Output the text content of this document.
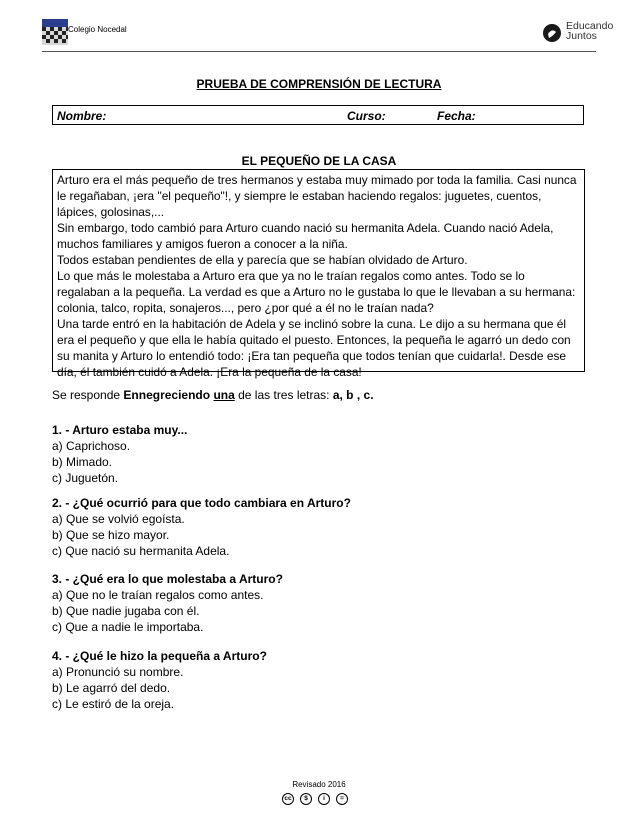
Colegio Nocedal	Educando
Juntos
PRUEBA DE COMPRENSIÓN DE LECTURA
Nombre:	Curso:	Fecha:
EL PEQUEÑO DE LA CASA

Arturo era el más pequeño de tres hermanos y estaba muy mimado por toda la familia. Casi nunca le regañaban, ¡era "el pequeño"!, y siempre le estaban haciendo regalos: juguetes, cuentos, lápices, golosinas,...

Sin embargo, todo cambió para Arturo cuando nació su hermanita Adela. Cuando nació Adela, muchos familiares y amigos fueron a conocer a la niña.

Todos estaban pendientes de ella y parecía que se habían olvidado de Arturo.

Lo que más le molestaba a Arturo era que ya no le traían regalos como antes. Todo se lo regalaban a la pequeña. La verdad es que a Arturo no le gustaba lo que le llevaban a su hermana: colonia, talco, ropita, sonajeros..., pero ¿por qué a él no le traían nada?

Una tarde entró en la habitación de Adela y se inclinó sobre la cuna. Le dijo a su hermana que él era el pequeño y que ella le había quitado el puesto. Entonces, la pequeña le agarró un dedo con su manita y Arturo lo entendió todo: ¡Era tan pequeña que todos tenían que cuidarla!. Desde ese día, él también cuidó a Adela. ¡Era la pequeña de la casa!

Se responde Ennegreciendo una de las tres letras: a, b , c.
1. - Arturo estaba muy...
a) Caprichoso.
b) Mimado.
c) Juguetón.
2. - ¿Qué ocurrió para que todo cambiara en Arturo?
a) Que se volvió egoísta.
b) Que se hizo mayor.
c) Que nació su hermanita Adela.
3. - ¿Qué era lo que molestaba a Arturo?
a) Que no le traían regalos como antes.
b) Que nadie jugaba con él.
c) Que a nadie le importaba.
4. - ¿Qué le hizo la pequeña a Arturo?
a) Pronunció su nombre.
b) Le agarró del dedo.
c) Le estiró de la oreja.
Revisado 2016
cc	$	i	=
